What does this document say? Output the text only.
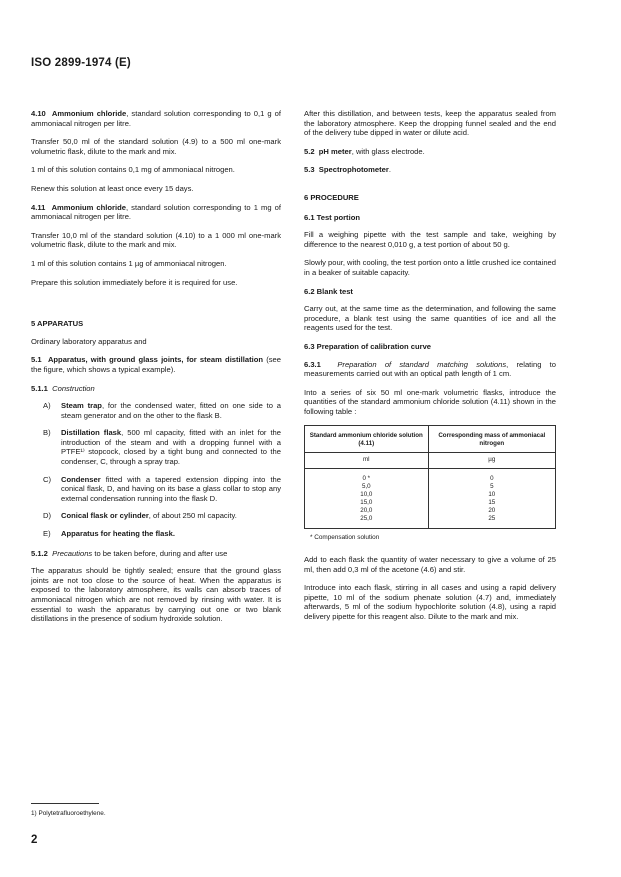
ISO 2899-1974 (E)

4.10 Ammonium chloride, standard solution corresponding to 0,1 g of ammoniacal nitrogen per litre.

Transfer 50,0 ml of the standard solution (4.9) to a 500 ml one-mark volumetric flask, dilute to the mark and mix.

1 ml of this solution contains 0,1 mg of ammoniacal nitrogen.

Renew this solution at least once every 15 days.

4.11 Ammonium chloride, standard solution corresponding to 1 mg of ammoniacal nitrogen per litre.

Transfer 10,0 ml of the standard solution (4.10) to a 1 000 ml one-mark volumetric flask, dilute to the mark and mix.

1 ml of this solution contains 1 µg of ammoniacal nitrogen.

Prepare this solution immediately before it is required for use.

5 APPARATUS

Ordinary laboratory apparatus and

5.1 Apparatus, with ground glass joints, for steam distillation (see the figure, which shows a typical example).

5.1.1 Construction

A)	Steam trap, for the condensed water, fitted on one side to a steam generator and on the other to the flask B.
B)	Distillation flask, 500 ml capacity, fitted with an inlet for the introduction of the steam and with a dropping funnel with a PTFE¹⁾ stopcock, closed by a tight bung and connected to the condenser, C, through a spray trap.
C)	Condenser fitted with a tapered extension dipping into the conical flask, D, and having on its base a glass collar to stop any external condensation running into the flask D.
D)	Conical flask or cylinder, of about 250 ml capacity.
E)	Apparatus for heating the flask.

5.1.2 Precautions to be taken before, during and after use

The apparatus should be tightly sealed; ensure that the ground glass joints are not too close to the source of heat. When the apparatus is exposed to the laboratory atmosphere, its walls can absorb traces of ammoniacal nitrogen which are not removed by rinsing with water. It is essential to wash the apparatus by carrying out one or two blank distillations in the presence of sodium hydroxide solution.

After this distillation, and between tests, keep the apparatus sealed from the laboratory atmosphere. Keep the dropping funnel sealed and the end of the delivery tube dipped in water or dilute acid.

5.2 pH meter, with glass electrode.

5.3 Spectrophotometer.

6 PROCEDURE

6.1 Test portion

Fill a weighing pipette with the test sample and take, weighing by difference to the nearest 0,010 g, a test portion of about 50 g.

Slowly pour, with cooling, the test portion onto a little crushed ice contained in a beaker of suitable capacity.

6.2 Blank test

Carry out, at the same time as the determination, and following the same procedure, a blank test using the same quantities of ice and all the reagents used for the test.

6.3 Preparation of calibration curve

6.3.1 Preparation of standard matching solutions, relating to measurements carried out with an optical path length of 1 cm.

Into a series of six 50 ml one-mark volumetric flasks, introduce the quantities of the standard ammonium chloride solution (4.11) shown in the following table :

Standard ammonium chloride solution (4.11)	Corresponding mass of ammoniacal nitrogen
ml	µg
0 *	0
5,0	5
10,0	10
15,0	15
20,0	20
25,0	25

* Compensation solution

Add to each flask the quantity of water necessary to give a volume of 25 ml, then add 0,3 ml of the acetone (4.6) and stir.

Introduce into each flask, stirring in all cases and using a rapid delivery pipette, 10 ml of the sodium phenate solution (4.7) and, immediately afterwards, 5 ml of the sodium hypochlorite solution (4.8), using a rapid delivery pipette for this reagent also. Dilute to the mark and mix.

1) Polytetrafluoroethylene.
2
